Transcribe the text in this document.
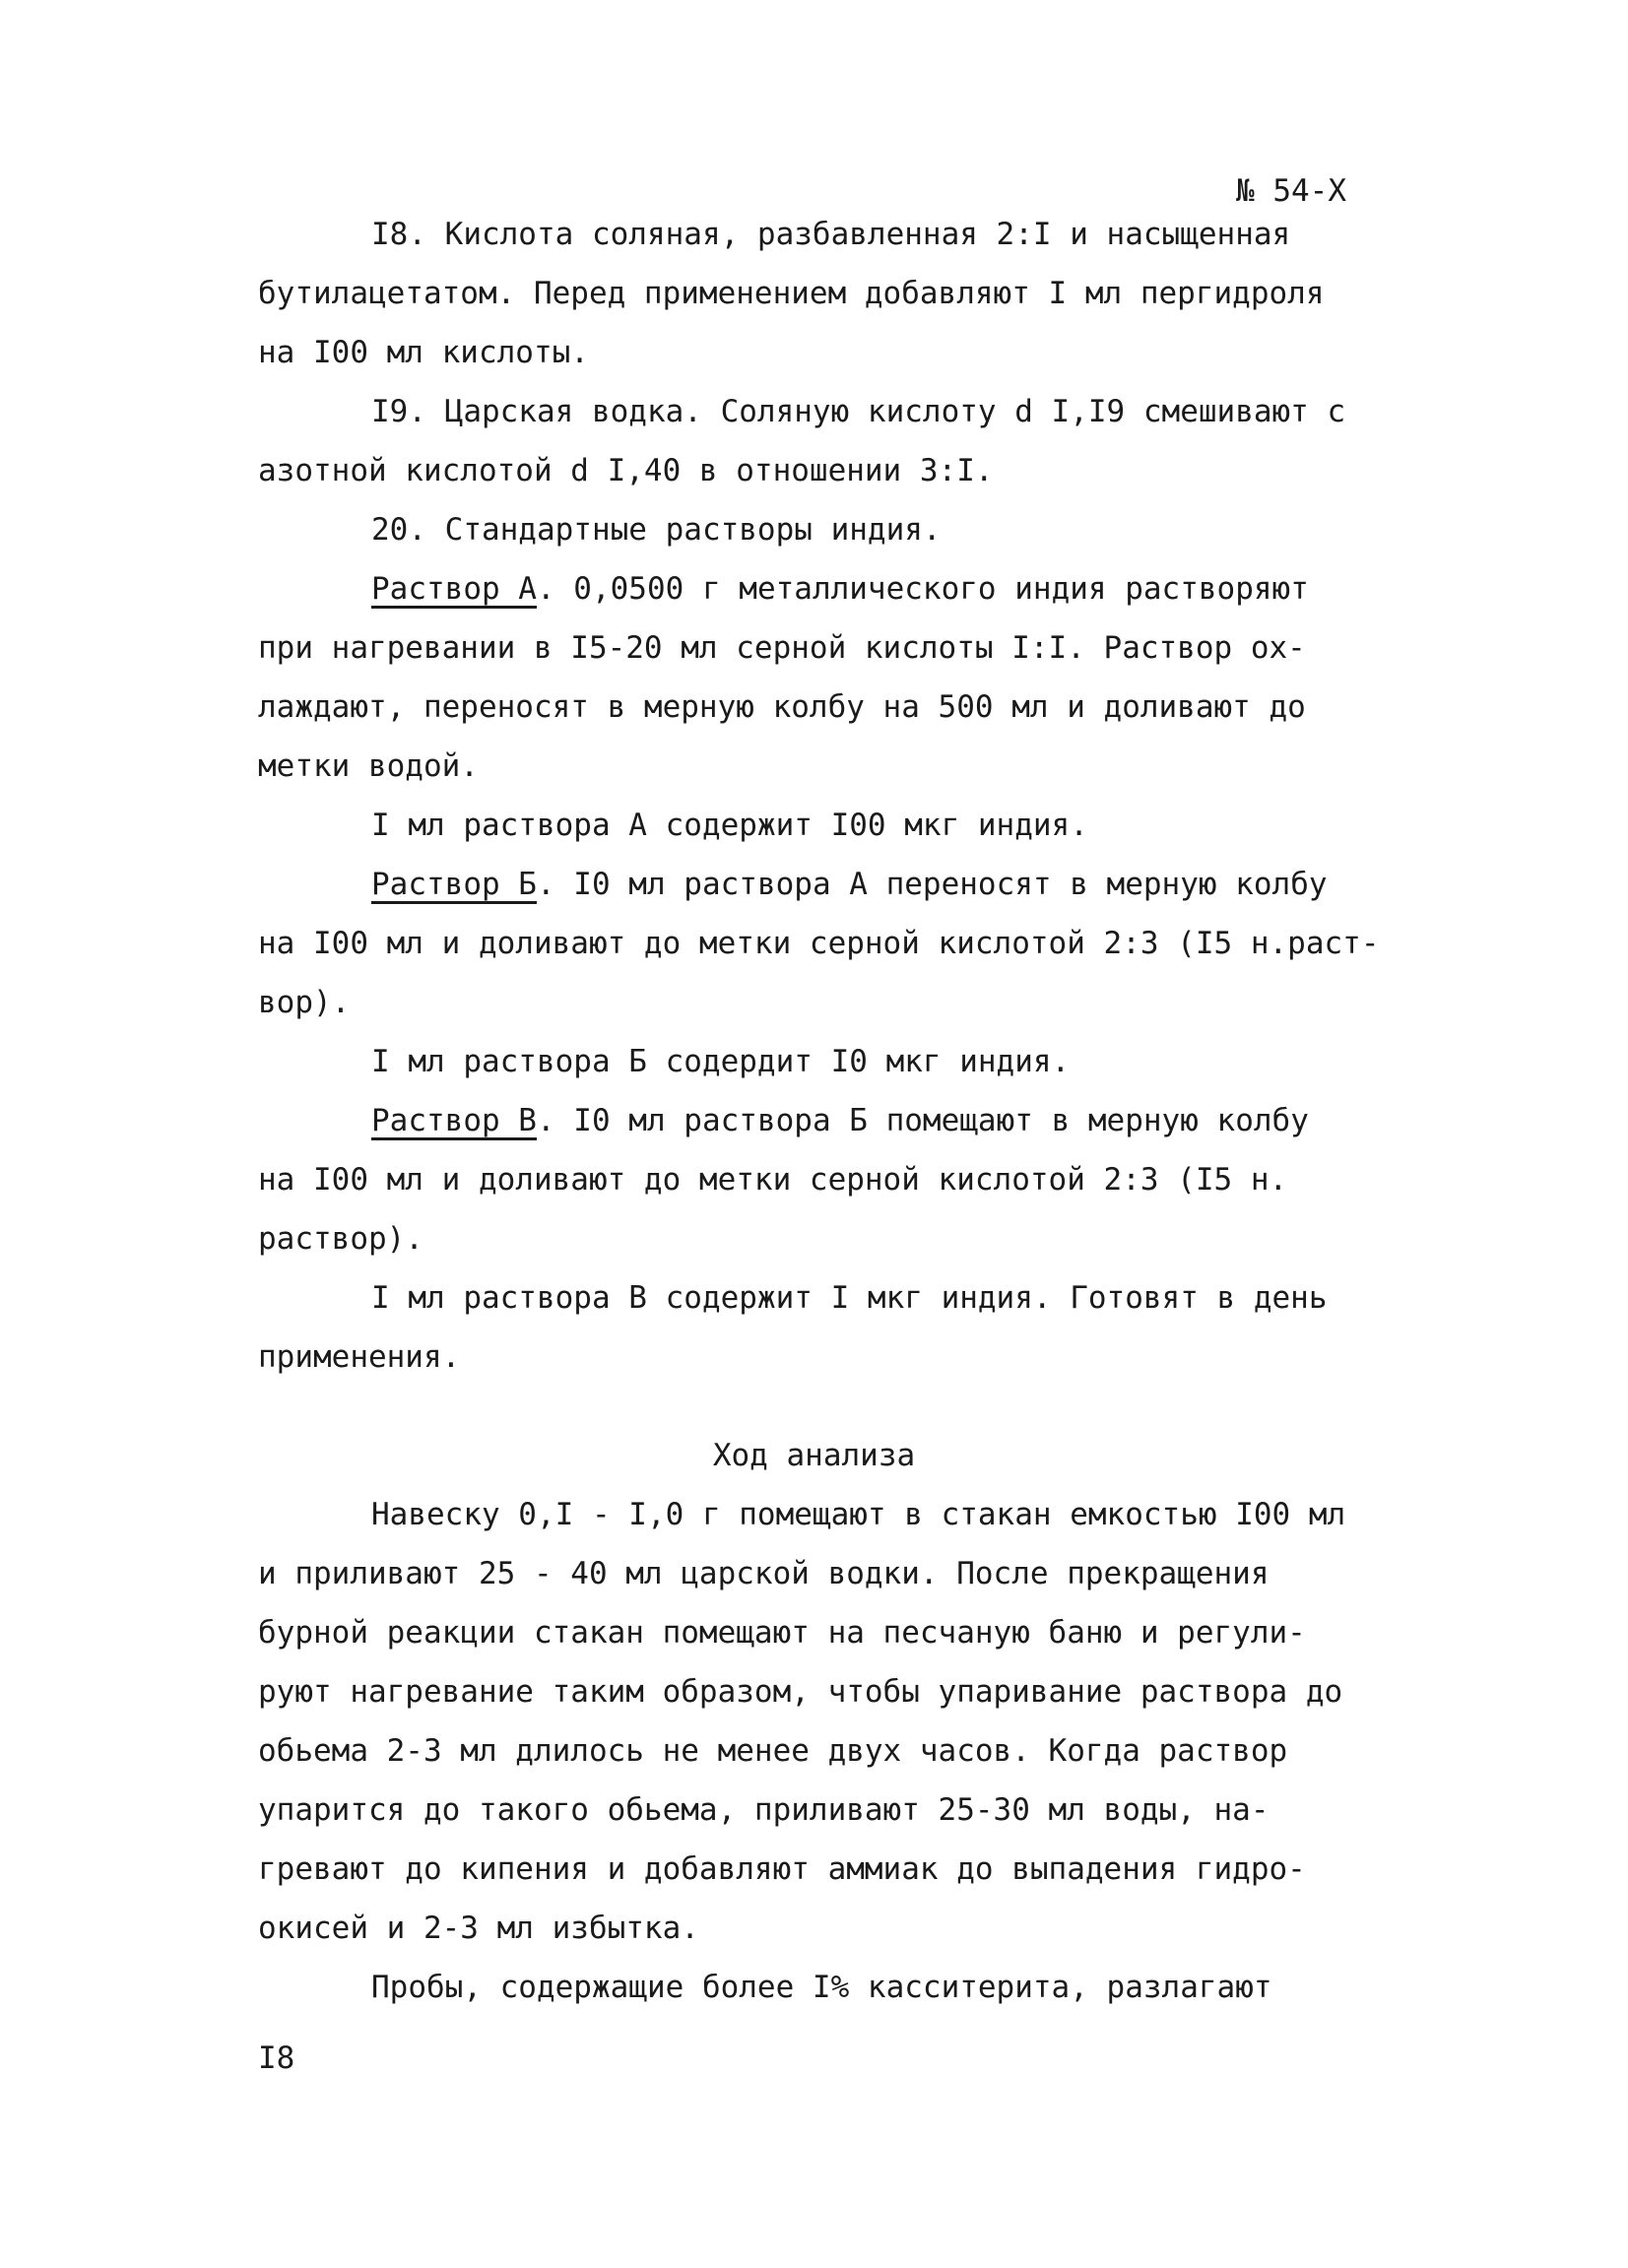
№ 54-X
I8. Кислота соляная, разбавленная 2:I и насыщенная
бутилацетатом. Перед применением добавляют I мл пергидроля
на I00 мл кислоты.
I9. Царская водка. Соляную кислоту d I,I9 смешивают с
азотной кислотой d I,40 в отношении 3:I.
20. Стандартные растворы индия.
Раствор А. 0,0500 г металлического индия растворяют
при нагревании в I5-20 мл серной кислоты I:I. Раствор ох-
лаждают, переносят в мерную колбу на 500 мл и доливают до
метки водой.
I мл раствора А содержит I00 мкг индия.
Раствор Б. I0 мл раствора А переносят в мерную колбу
на I00 мл и доливают до метки серной кислотой 2:3 (I5 н.раст-
вор).
I мл раствора Б содердит I0 мкг индия.
Раствор В. I0 мл раствора Б помещают в мерную колбу
на I00 мл и доливают до метки серной кислотой 2:3 (I5 н.
раствор).
I мл раствора В содержит I мкг индия. Готовят в день
применения.
Ход анализа
Навеску 0,I - I,0 г помещают в стакан емкостью I00 мл
и приливают 25 - 40 мл царской водки. После прекращения
бурной реакции стакан помещают на песчаную баню и регули-
руют нагревание таким образом, чтобы упаривание раствора до
обьема 2-3 мл длилось не менее двух часов. Когда раствор
упарится до такого обьема, приливают 25-30 мл воды, на-
гревают до кипения и добавляют аммиак до выпадения гидро-
окисей и 2-3 мл избытка.
Пробы, содержащие более I% касситерита, разлагают
I8
